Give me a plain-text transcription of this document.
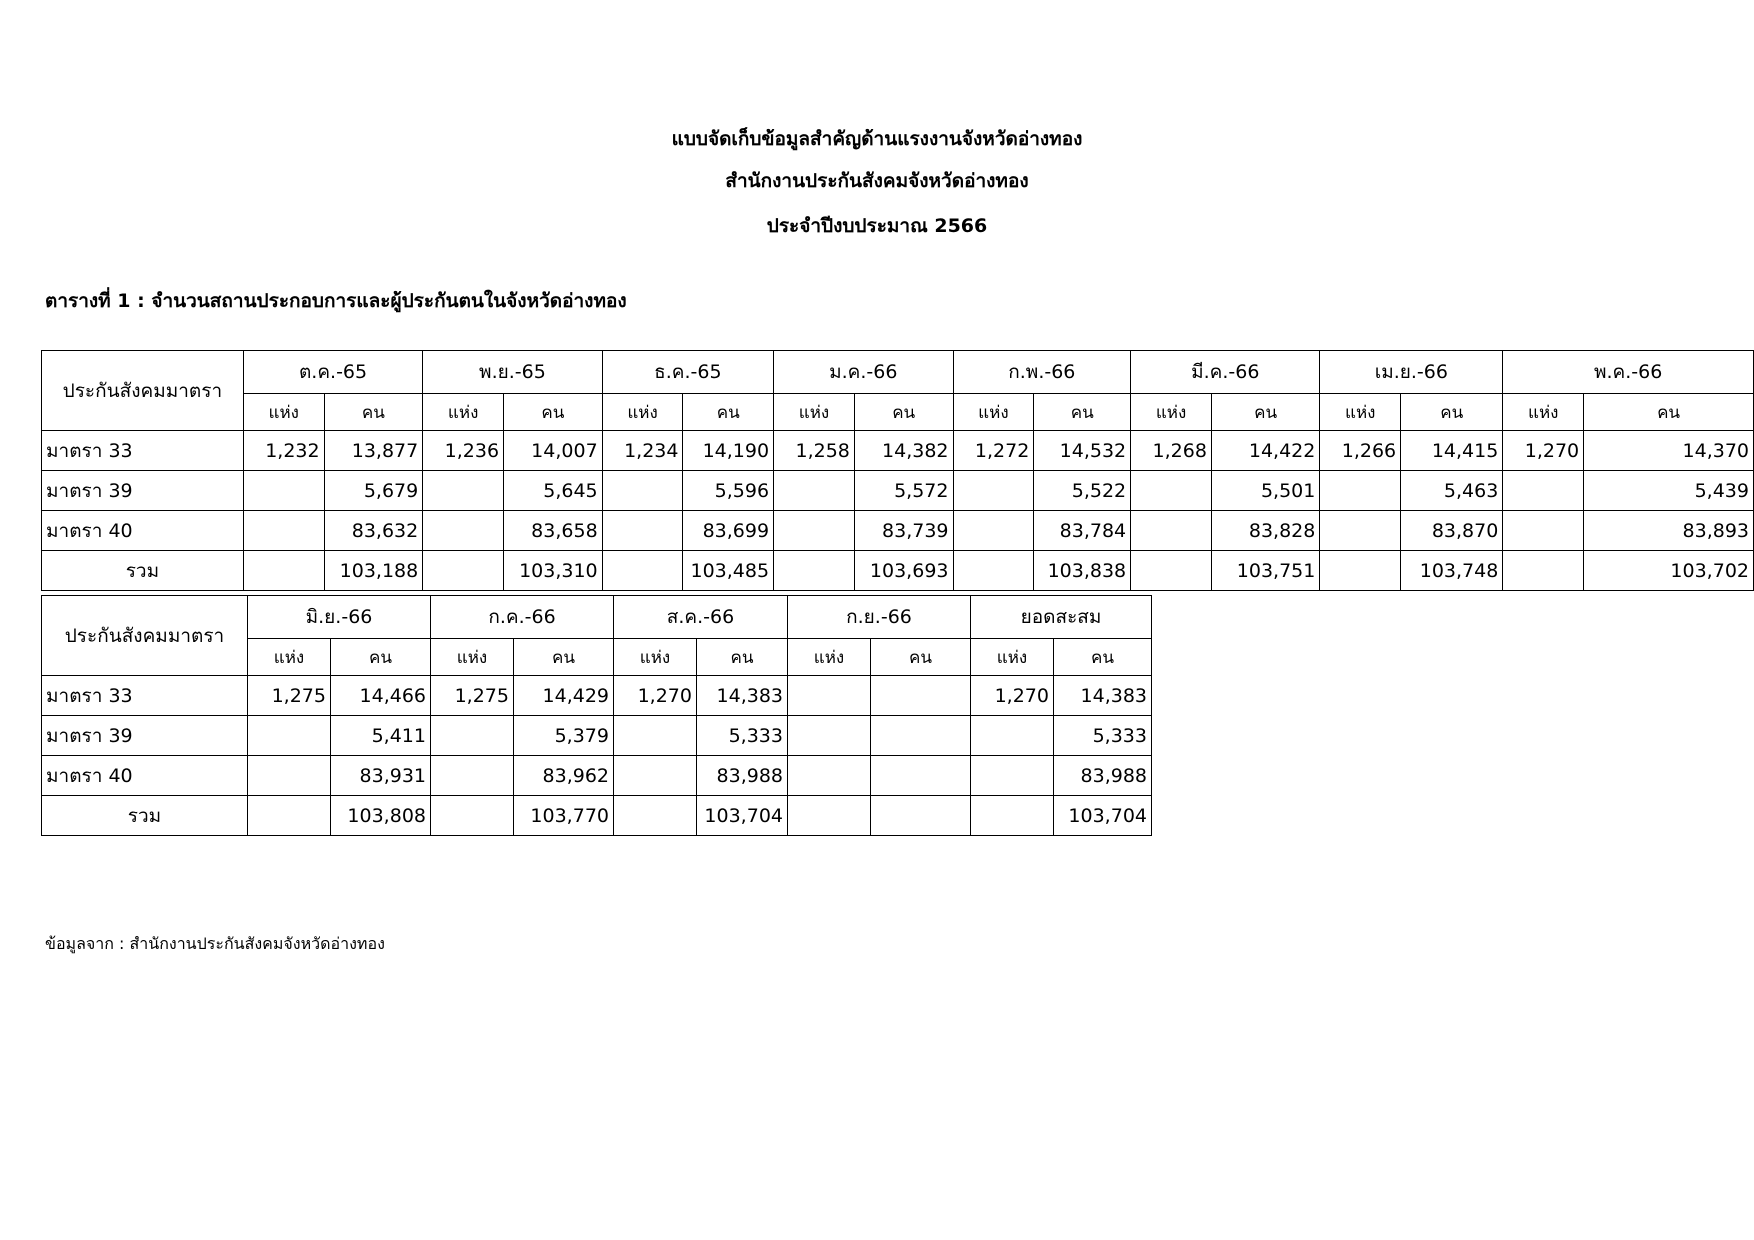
แบบจัดเก็บข้อมูลสำคัญด้านแรงงานจังหวัดอ่างทอง
สำนักงานประกันสังคมจังหวัดอ่างทอง
ประจำปีงบประมาณ 2566
ตารางที่ 1 : จำนวนสถานประกอบการและผู้ประกันตนในจังหวัดอ่างทอง
ประกันสังคมมาตรา	ต.ค.-65		พ.ย.-65		ธ.ค.-65		ม.ค.-66		ก.พ.-66		มี.ค.-66		เม.ย.-66		พ.ค.-66	
	แห่ง	คน	แห่ง	คน	แห่ง	คน	แห่ง	คน	แห่ง	คน	แห่ง	คน	แห่ง	คน	แห่ง	คน
มาตรา 33	1,232	13,877	1,236	14,007	1,234	14,190	1,258	14,382	1,272	14,532	1,268	14,422	1,266	14,415	1,270	14,370
มาตรา 39		5,679		5,645		5,596		5,572		5,522		5,501		5,463		5,439
มาตรา 40		83,632		83,658		83,699		83,739		83,784		83,828		83,870		83,893
รวม		103,188		103,310		103,485		103,693		103,838		103,751		103,748		103,702
ประกันสังคมมาตรา	มิ.ย.-66		ก.ค.-66		ส.ค.-66		ก.ย.-66		ยอดสะสม	
	แห่ง	คน	แห่ง	คน	แห่ง	คน	แห่ง	คน	แห่ง	คน
มาตรา 33	1,275	14,466	1,275	14,429	1,270	14,383			1,270	14,383
มาตรา 39		5,411		5,379		5,333				5,333
มาตรา 40		83,931		83,962		83,988				83,988
รวม		103,808		103,770		103,704				103,704
ข้อมูลจาก : สำนักงานประกันสังคมจังหวัดอ่างทอง
